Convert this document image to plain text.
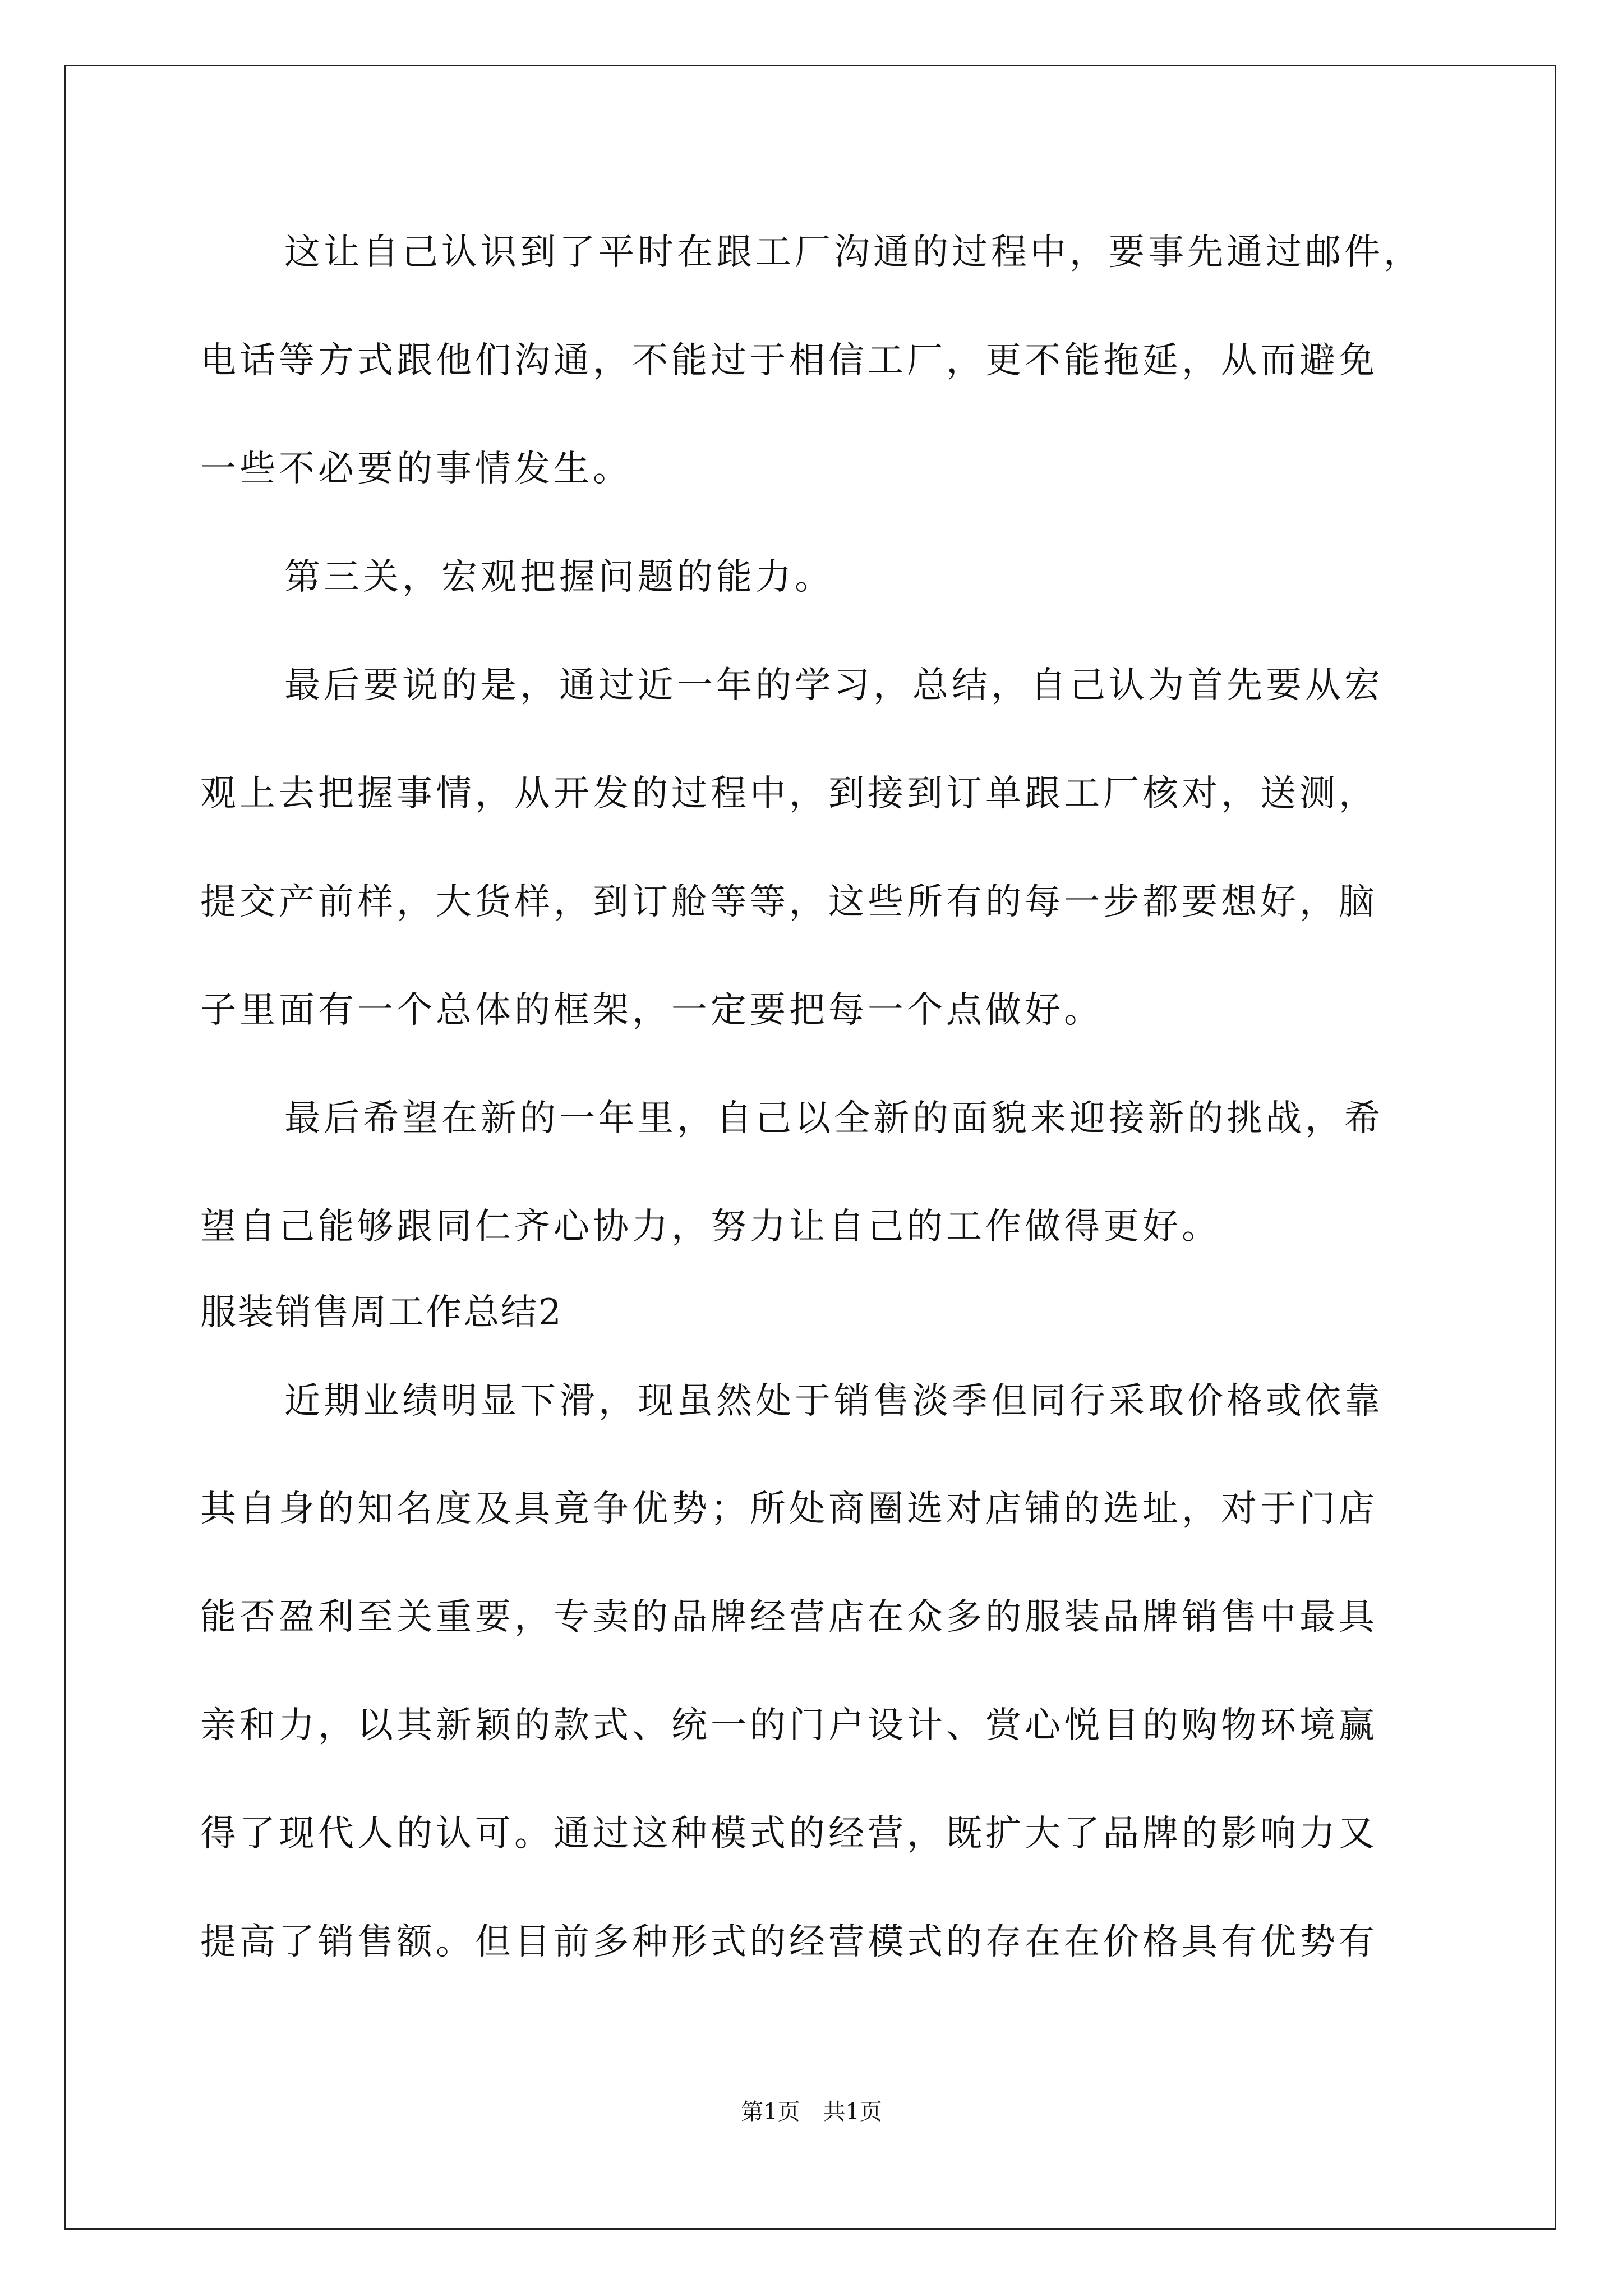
这让自己认识到了平时在跟工厂沟通的过程中，要事先通过邮件，
电话等方式跟他们沟通，不能过于相信工厂，更不能拖延，从而避免
一些不必要的事情发生。
第三关，宏观把握问题的能力。
最后要说的是，通过近一年的学习，总结，自己认为首先要从宏
观上去把握事情，从开发的过程中，到接到订单跟工厂核对，送测，
提交产前样，大货样，到订舱等等，这些所有的每一步都要想好，脑
子里面有一个总体的框架，一定要把每一个点做好。
最后希望在新的一年里，自己以全新的面貌来迎接新的挑战，希
望自己能够跟同仁齐心协力，努力让自己的工作做得更好。
服装销售周工作总结2
近期业绩明显下滑，现虽然处于销售淡季但同行采取价格或依靠
其自身的知名度及具竟争优势；所处商圈选对店铺的选址，对于门店
能否盈利至关重要，专卖的品牌经营店在众多的服装品牌销售中最具
亲和力，以其新颖的款式、统一的门户设计、赏心悦目的购物环境赢
得了现代人的认可。通过这种模式的经营，既扩大了品牌的影响力又
提高了销售额。但目前多种形式的经营模式的存在在价格具有优势有
第1页 共1页
